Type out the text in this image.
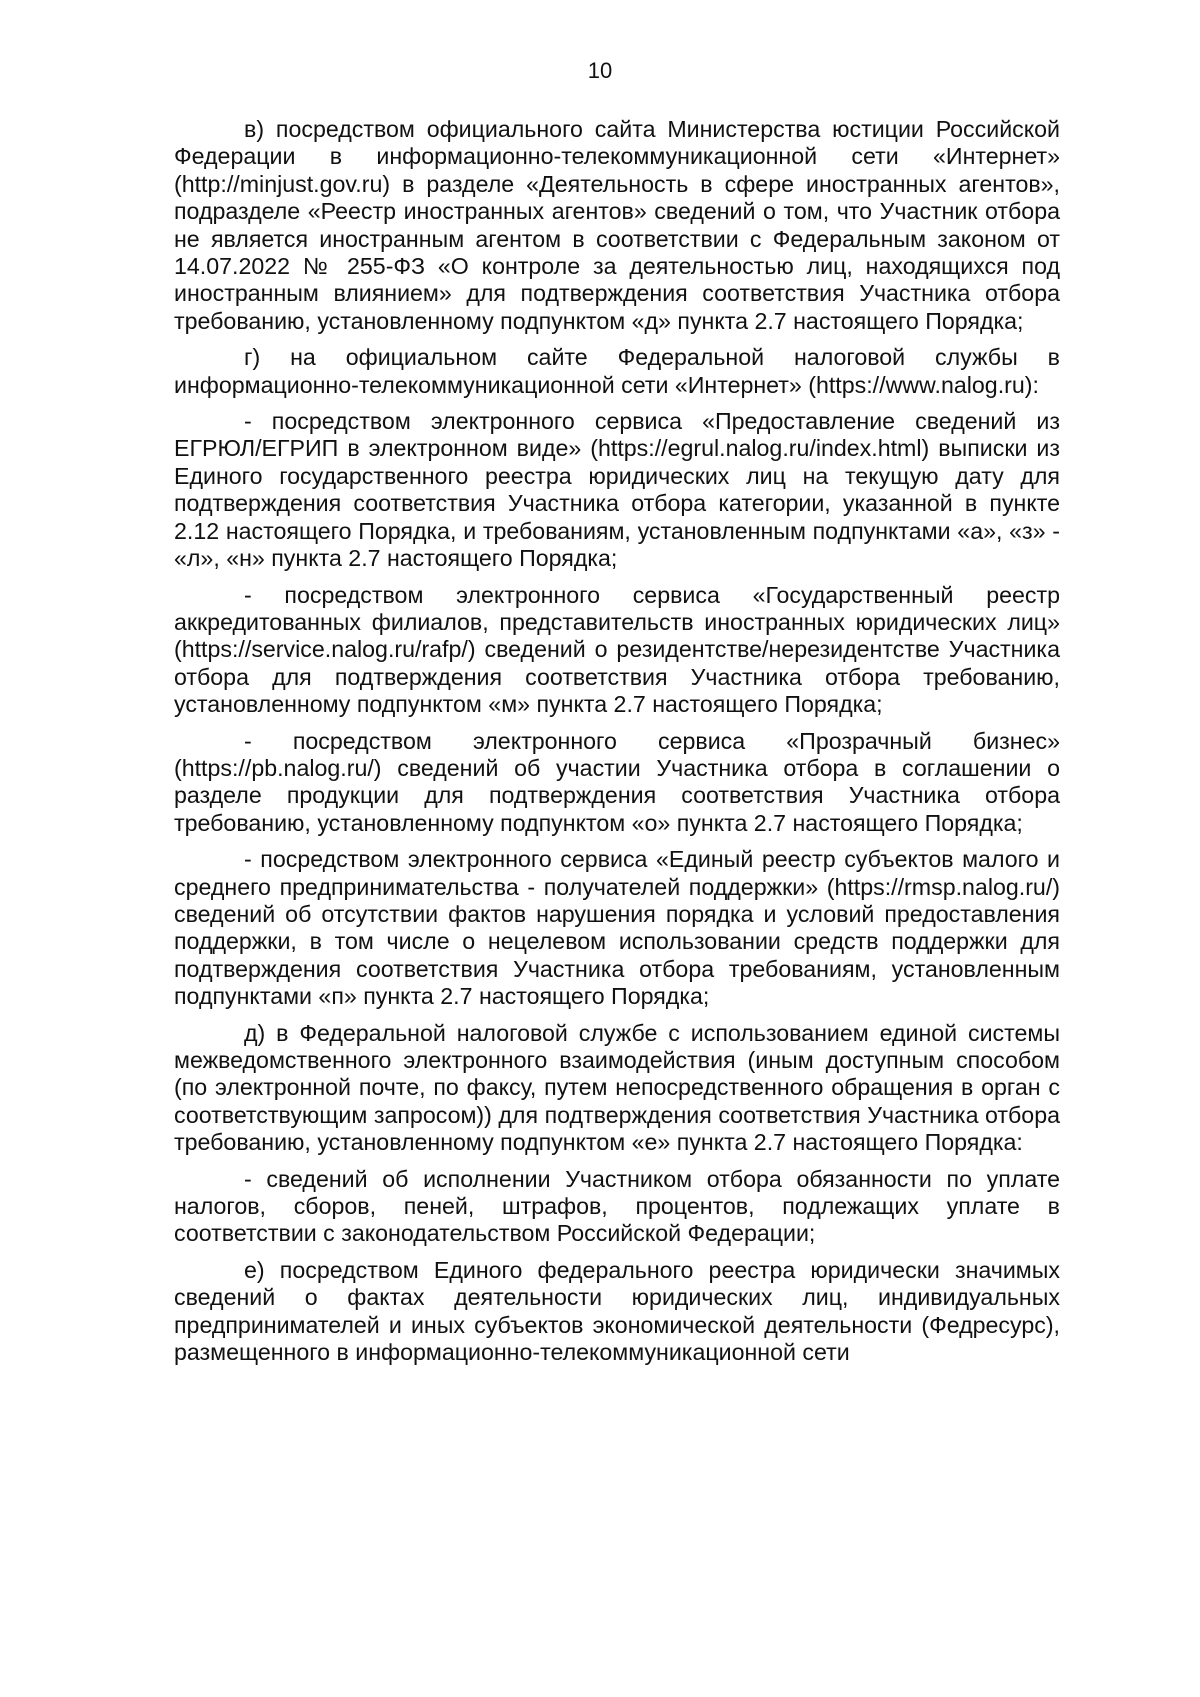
10

в) посредством официального сайта Министерства юстиции Российской Федерации в информационно-телекоммуникационной сети «Интернет» (http://minjust.gov.ru) в разделе «Деятельность в сфере иностранных агентов», подразделе «Реестр иностранных агентов» сведений о том, что Участник отбора не является иностранным агентом в соответствии с Федеральным законом от 14.07.2022 № 255-ФЗ «О контроле за деятельностью лиц, находящихся под иностранным влиянием» для подтверждения соответствия Участника отбора требованию, установленному подпунктом «д» пункта 2.7 настоящего Порядка;

г) на официальном сайте Федеральной налоговой службы в информационно-телекоммуникационной сети «Интернет» (https://www.nalog.ru):

- посредством электронного сервиса «Предоставление сведений из ЕГРЮЛ/ЕГРИП в электронном виде» (https://egrul.nalog.ru/index.html) выписки из Единого государственного реестра юридических лиц на текущую дату для подтверждения соответствия Участника отбора категории, указанной в пункте 2.12 настоящего Порядка, и требованиям, установленным подпунктами «а», «з» - «л», «н» пункта 2.7 настоящего Порядка;

- посредством электронного сервиса «Государственный реестр аккредитованных филиалов, представительств иностранных юридических лиц» (https://service.nalog.ru/rafp/) сведений о резидентстве/нерезидентстве Участника отбора для подтверждения соответствия Участника отбора требованию, установленному подпунктом «м» пункта 2.7 настоящего Порядка;

- посредством электронного сервиса «Прозрачный бизнес» (https://pb.nalog.ru/) сведений об участии Участника отбора в соглашении о разделе продукции для подтверждения соответствия Участника отбора требованию, установленному подпунктом «о» пункта 2.7 настоящего Порядка;

- посредством электронного сервиса «Единый реестр субъектов малого и среднего предпринимательства - получателей поддержки» (https://rmsp.nalog.ru/) сведений об отсутствии фактов нарушения порядка и условий предоставления поддержки, в том числе о нецелевом использовании средств поддержки для подтверждения соответствия Участника отбора требованиям, установленным подпунктами «п» пункта 2.7 настоящего Порядка;

д) в Федеральной налоговой службе с использованием единой системы межведомственного электронного взаимодействия (иным доступным способом (по электронной почте, по факсу, путем непосредственного обращения в орган с соответствующим запросом)) для подтверждения соответствия Участника отбора требованию, установленному подпунктом «е» пункта 2.7 настоящего Порядка:

- сведений об исполнении Участником отбора обязанности по уплате налогов, сборов, пеней, штрафов, процентов, подлежащих уплате в соответствии с законодательством Российской Федерации;

е) посредством Единого федерального реестра юридически значимых сведений о фактах деятельности юридических лиц, индивидуальных предпринимателей и иных субъектов экономической деятельности (Федресурс), размещенного в информационно-телекоммуникационной сети
